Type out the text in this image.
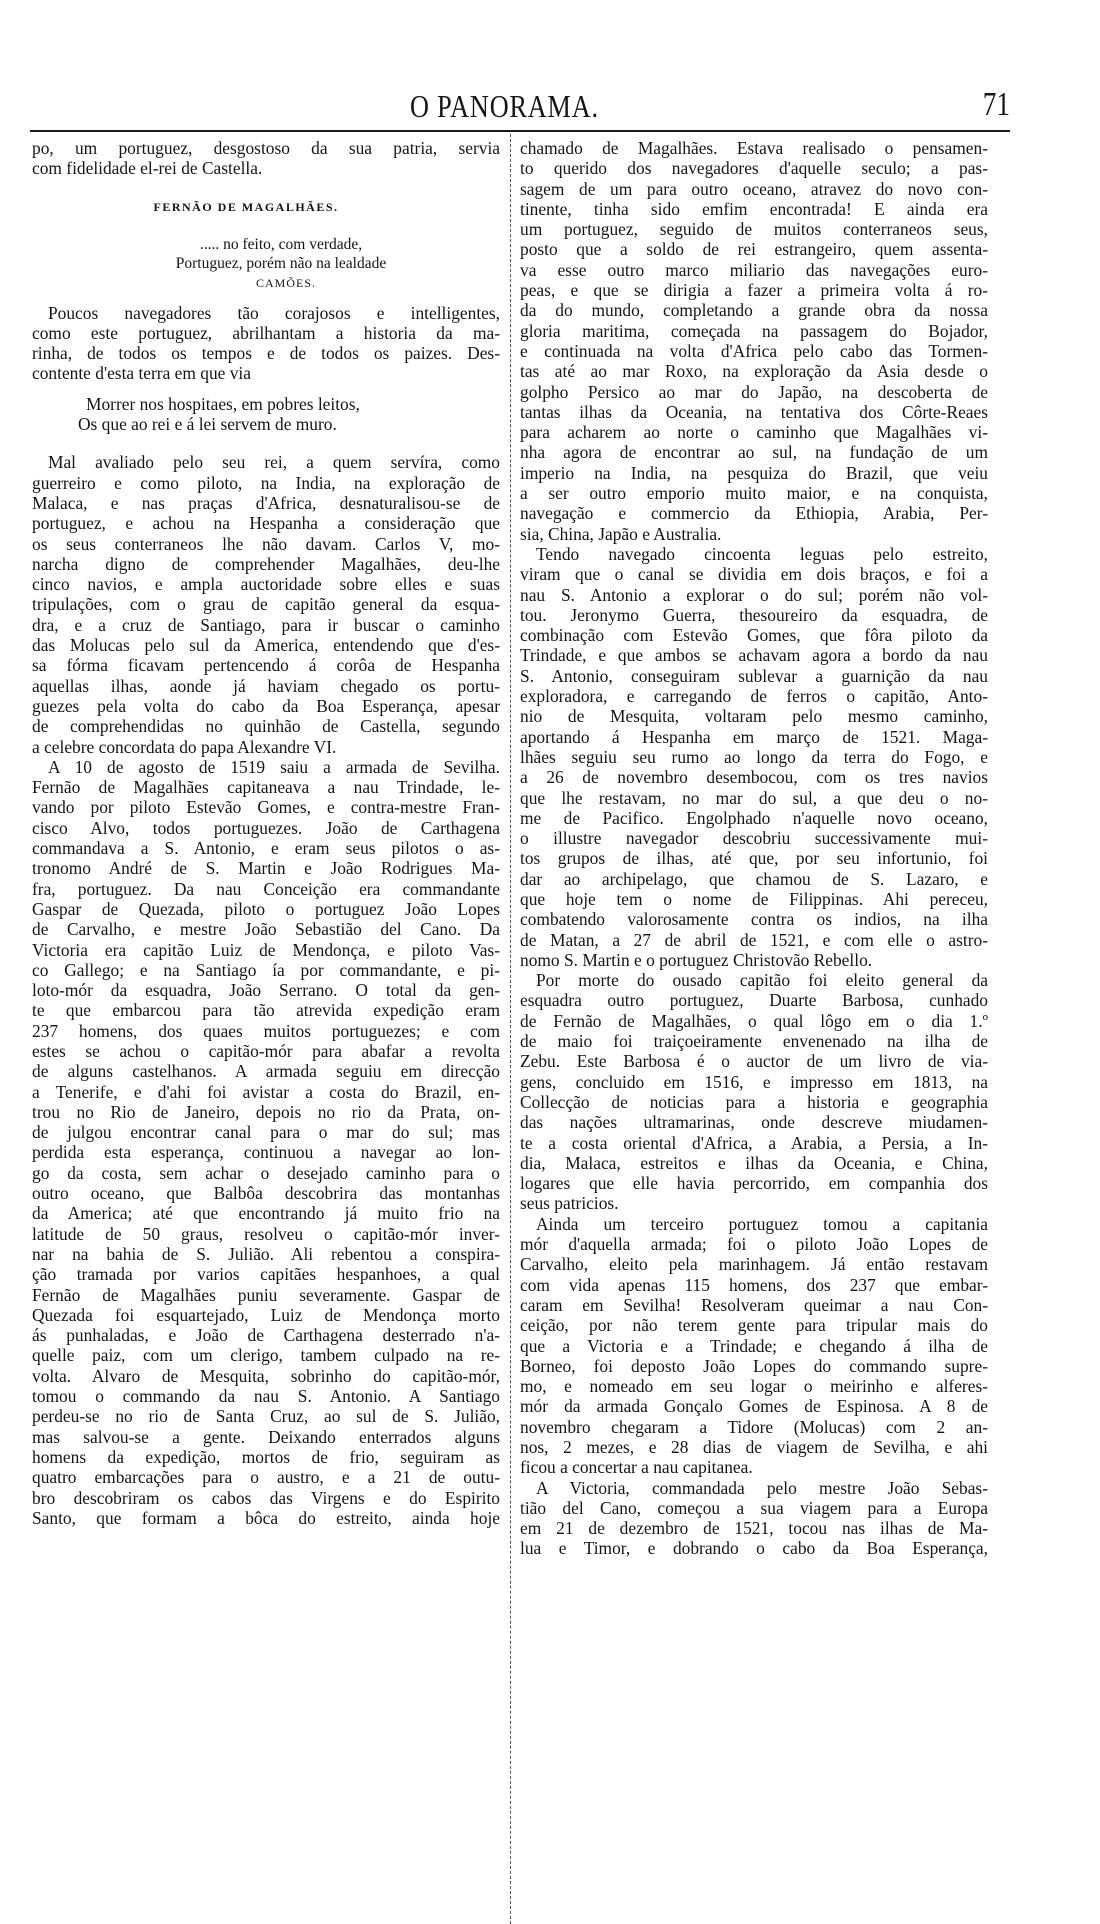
O PANORAMA.	71
po, um portuguez, desgostoso da sua patria, servia
com fidelidade el-rei de Castella.
FERNÃO DE MAGALHÃES.
..... no feito, com verdade,
Portuguez, porém não na lealdade
CAMÕES.
Poucos navegadores tão corajosos e intelligentes,
como este portuguez, abrilhantam a historia da ma-
rinha, de todos os tempos e de todos os paizes. Des-
contente d'esta terra em que via
Morrer nos hospitaes, em pobres leitos,
Os que ao rei e á lei servem de muro.
Mal avaliado pelo seu rei, a quem servíra, como
guerreiro e como piloto, na India, na exploração de
Malaca, e nas praças d'Africa, desnaturalisou-se de
portuguez, e achou na Hespanha a consideração que
os seus conterraneos lhe não davam. Carlos V, mo-
narcha digno de comprehender Magalhães, deu-lhe
cinco navios, e ampla auctoridade sobre elles e suas
tripulações, com o grau de capitão general da esqua-
dra, e a cruz de Santiago, para ir buscar o caminho
das Molucas pelo sul da America, entendendo que d'es-
sa fórma ficavam pertencendo á corôa de Hespanha
aquellas ilhas, aonde já haviam chegado os portu-
guezes pela volta do cabo da Boa Esperança, apesar
de comprehendidas no quinhão de Castella, segundo
a celebre concordata do papa Alexandre VI.
A 10 de agosto de 1519 saiu a armada de Sevilha.
Fernão de Magalhães capitaneava a nau Trindade, le-
vando por piloto Estevão Gomes, e contra-mestre Fran-
cisco Alvo, todos portuguezes. João de Carthagena
commandava a S. Antonio, e eram seus pilotos o as-
tronomo André de S. Martin e João Rodrigues Ma-
fra, portuguez. Da nau Conceição era commandante
Gaspar de Quezada, piloto o portuguez João Lopes
de Carvalho, e mestre João Sebastião del Cano. Da
Victoria era capitão Luiz de Mendonça, e piloto Vas-
co Gallego; e na Santiago ía por commandante, e pi-
loto-mór da esquadra, João Serrano. O total da gen-
te que embarcou para tão atrevida expedição eram
237 homens, dos quaes muitos portuguezes; e com
estes se achou o capitão-mór para abafar a revolta
de alguns castelhanos. A armada seguiu em direcção
a Tenerife, e d'ahi foi avistar a costa do Brazil, en-
trou no Rio de Janeiro, depois no rio da Prata, on-
de julgou encontrar canal para o mar do sul; mas
perdida esta esperança, continuou a navegar ao lon-
go da costa, sem achar o desejado caminho para o
outro oceano, que Balbôa descobrira das montanhas
da America; até que encontrando já muito frio na
latitude de 50 graus, resolveu o capitão-mór inver-
nar na bahia de S. Julião. Ali rebentou a conspira-
ção tramada por varios capitães hespanhoes, a qual
Fernão de Magalhães puniu severamente. Gaspar de
Quezada foi esquartejado, Luiz de Mendonça morto
ás punhaladas, e João de Carthagena desterrado n'a-
quelle paiz, com um clerigo, tambem culpado na re-
volta. Alvaro de Mesquita, sobrinho do capitão-mór,
tomou o commando da nau S. Antonio. A Santiago
perdeu-se no rio de Santa Cruz, ao sul de S. Julião,
mas salvou-se a gente. Deixando enterrados alguns
homens da expedição, mortos de frio, seguiram as
quatro embarcações para o austro, e a 21 de outu-
bro descobriram os cabos das Virgens e do Espirito
Santo, que formam a bôca do estreito, ainda hoje
chamado de Magalhães. Estava realisado o pensamen-
to querido dos navegadores d'aquelle seculo; a pas-
sagem de um para outro oceano, atravez do novo con-
tinente, tinha sido emfim encontrada! E ainda era
um portuguez, seguido de muitos conterraneos seus,
posto que a soldo de rei estrangeiro, quem assenta-
va esse outro marco miliario das navegações euro-
peas, e que se dirigia a fazer a primeira volta á ro-
da do mundo, completando a grande obra da nossa
gloria maritima, começada na passagem do Bojador,
e continuada na volta d'Africa pelo cabo das Tormen-
tas até ao mar Roxo, na exploração da Asia desde o
golpho Persico ao mar do Japão, na descoberta de
tantas ilhas da Oceania, na tentativa dos Côrte-Reaes
para acharem ao norte o caminho que Magalhães vi-
nha agora de encontrar ao sul, na fundação de um
imperio na India, na pesquiza do Brazil, que veiu
a ser outro emporio muito maior, e na conquista,
navegação e commercio da Ethiopia, Arabia, Per-
sia, China, Japão e Australia.
Tendo navegado cincoenta leguas pelo estreito,
viram que o canal se dividia em dois braços, e foi a
nau S. Antonio a explorar o do sul; porém não vol-
tou. Jeronymo Guerra, thesoureiro da esquadra, de
combinação com Estevão Gomes, que fôra piloto da
Trindade, e que ambos se achavam agora a bordo da nau
S. Antonio, conseguiram sublevar a guarnição da nau
exploradora, e carregando de ferros o capitão, Anto-
nio de Mesquita, voltaram pelo mesmo caminho,
aportando á Hespanha em março de 1521. Maga-
lhães seguiu seu rumo ao longo da terra do Fogo, e
a 26 de novembro desembocou, com os tres navios
que lhe restavam, no mar do sul, a que deu o no-
me de Pacifico. Engolphado n'aquelle novo oceano,
o illustre navegador descobriu successivamente mui-
tos grupos de ilhas, até que, por seu infortunio, foi
dar ao archipelago, que chamou de S. Lazaro, e
que hoje tem o nome de Filippinas. Ahi pereceu,
combatendo valorosamente contra os indios, na ilha
de Matan, a 27 de abril de 1521, e com elle o astro-
nomo S. Martin e o portuguez Christovão Rebello.
Por morte do ousado capitão foi eleito general da
esquadra outro portuguez, Duarte Barbosa, cunhado
de Fernão de Magalhães, o qual lôgo em o dia 1.º
de maio foi traiçoeiramente envenenado na ilha de
Zebu. Este Barbosa é o auctor de um livro de via-
gens, concluido em 1516, e impresso em 1813, na
Collecção de noticias para a historia e geographia
das nações ultramarinas, onde descreve miudamen-
te a costa oriental d'Africa, a Arabia, a Persia, a In-
dia, Malaca, estreitos e ilhas da Oceania, e China,
logares que elle havia percorrido, em companhia dos
seus patricios.
Ainda um terceiro portuguez tomou a capitania
mór d'aquella armada; foi o piloto João Lopes de
Carvalho, eleito pela marinhagem. Já então restavam
com vida apenas 115 homens, dos 237 que embar-
caram em Sevilha! Resolveram queimar a nau Con-
ceição, por não terem gente para tripular mais do
que a Victoria e a Trindade; e chegando á ilha de
Borneo, foi deposto João Lopes do commando supre-
mo, e nomeado em seu logar o meirinho e alferes-
mór da armada Gonçalo Gomes de Espinosa. A 8 de
novembro chegaram a Tidore (Molucas) com 2 an-
nos, 2 mezes, e 28 dias de viagem de Sevilha, e ahi
ficou a concertar a nau capitanea.
A Victoria, commandada pelo mestre João Sebas-
tião del Cano, começou a sua viagem para a Europa
em 21 de dezembro de 1521, tocou nas ilhas de Ma-
lua e Timor, e dobrando o cabo da Boa Esperança,
